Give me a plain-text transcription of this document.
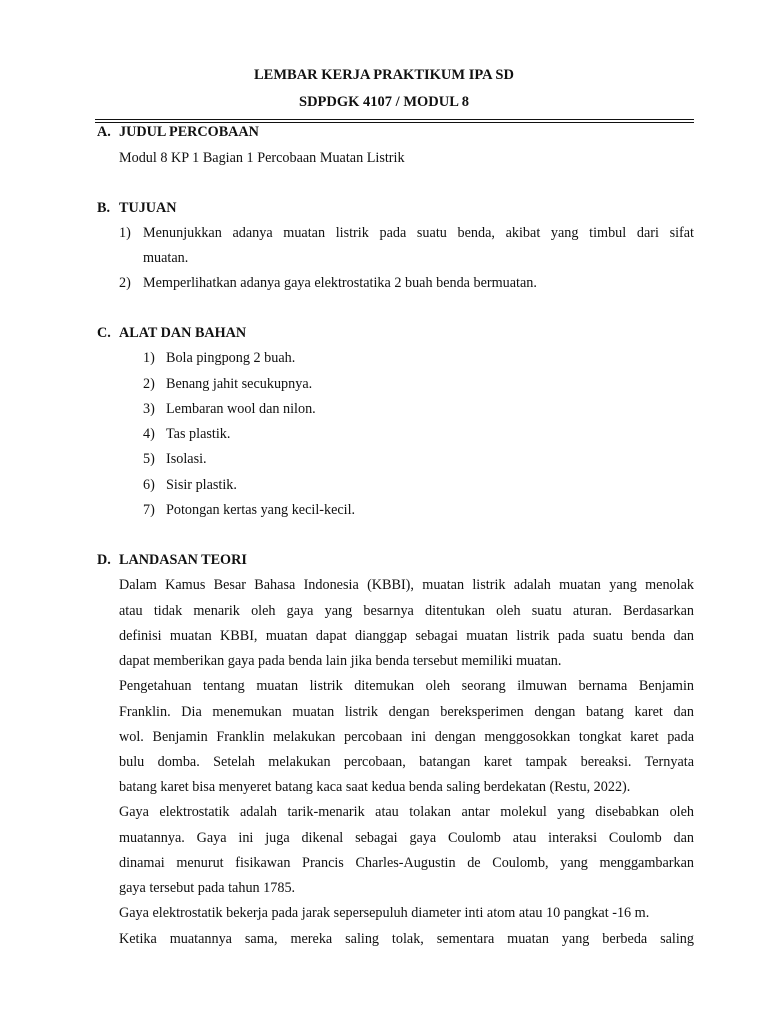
LEMBAR KERJA PRAKTIKUM IPA SD
SDPDGK 4107 / MODUL 8
A. JUDUL PERCOBAAN
Modul 8 KP 1 Bagian 1 Percobaan Muatan Listrik
B. TUJUAN
1) Menunjukkan adanya muatan listrik pada suatu benda, akibat yang timbul dari sifat
muatan.
2) Memperlihatkan adanya gaya elektrostatika 2 buah benda bermuatan.
C. ALAT DAN BAHAN
1) Bola pingpong 2 buah.
2) Benang jahit secukupnya.
3) Lembaran wool dan nilon.
4) Tas plastik.
5) Isolasi.
6) Sisir plastik.
7) Potongan kertas yang kecil-kecil.
D. LANDASAN TEORI
Dalam Kamus Besar Bahasa Indonesia (KBBI), muatan listrik adalah muatan yang menolak
atau tidak menarik oleh gaya yang besarnya ditentukan oleh suatu aturan. Berdasarkan
definisi muatan KBBI, muatan dapat dianggap sebagai muatan listrik pada suatu benda dan
dapat memberikan gaya pada benda lain jika benda tersebut memiliki muatan.
Pengetahuan tentang muatan listrik ditemukan oleh seorang ilmuwan bernama Benjamin
Franklin. Dia menemukan muatan listrik dengan bereksperimen dengan batang karet dan
wol. Benjamin Franklin melakukan percobaan ini dengan menggosokkan tongkat karet pada
bulu domba. Setelah melakukan percobaan, batangan karet tampak bereaksi. Ternyata
batang karet bisa menyeret batang kaca saat kedua benda saling berdekatan (Restu, 2022).
Gaya elektrostatik adalah tarik-menarik atau tolakan antar molekul yang disebabkan oleh
muatannya. Gaya ini juga dikenal sebagai gaya Coulomb atau interaksi Coulomb dan
dinamai menurut fisikawan Prancis Charles-Augustin de Coulomb, yang menggambarkan
gaya tersebut pada tahun 1785.
Gaya elektrostatik bekerja pada jarak sepersepuluh diameter inti atom atau 10 pangkat -16 m.
Ketika muatannya sama, mereka saling tolak, sementara muatan yang berbeda saling
